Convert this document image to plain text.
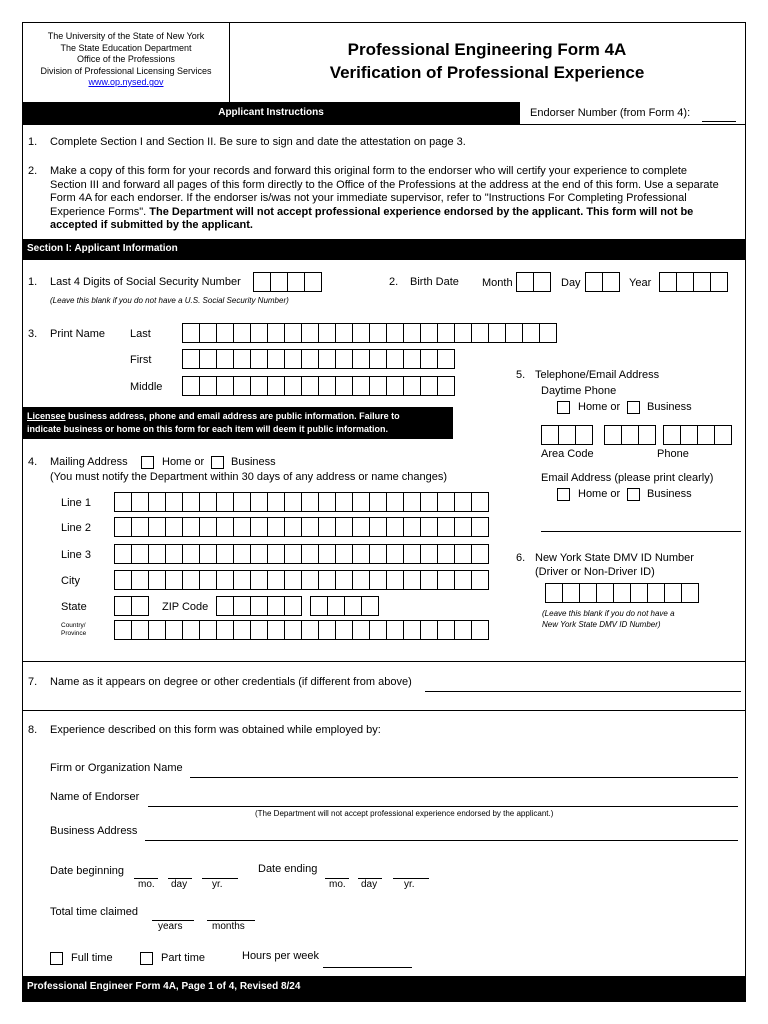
The University of the State of New York
The State Education Department
Office of the Professions
Division of Professional Licensing Services
www.op.nysed.gov
Professional Engineering Form 4A
Verification of Professional Experience
Applicant Instructions	Endorser Number (from Form 4):
1. Complete Section I and Section II. Be sure to sign and date the attestation on page 3.
2. Make a copy of this form for your records and forward this original form to the endorser who will certify your experience to complete
Section III and forward all pages of this form directly to the Office of the Professions at the address at the end of this form. Use a separate
Form 4A for each endorser. If the endorser is/was not your immediate supervisor, refer to "Instructions For Completing Professional
Experience Forms". The Department will not accept professional experience endorsed by the applicant. This form will not be
accepted if submitted by the applicant.
Section I: Applicant Information
1. Last 4 Digits of Social Security Number
(Leave this blank if you do not have a U.S. Social Security Number)
2. Birth Date Month	Day	Year
3. Print Name Last
First
Middle
Licensee business address, phone and email address are public information. Failure to
indicate business or home on this form for each item will deem it public information.
4. Mailing Address	Home or Business
(You must notify the Department within 30 days of any address or name changes)
Line 1
Line 2
Line 3
City
State	ZIP Code
Country/
Province
5. Telephone/Email Address
Daytime Phone
Home or Business
Area Code	Phone
Email Address (please print clearly)
Home or Business
6. New York State DMV ID Number
(Driver or Non-Driver ID)
(Leave this blank if you do not have a
New York State DMV ID Number)
7. Name as it appears on degree or other credentials (if different from above)
8. Experience described on this form was obtained while employed by:
Firm or Organization Name
Name of Endorser
(The Department will not accept professional experience endorsed by the applicant.)
Business Address
Date beginning
mo. day yr.
Date ending
mo. day	yr.
Total time claimed
years	months
Full time	Part time	Hours per week
Professional Engineer Form 4A, Page 1 of 4, Revised 8/24
